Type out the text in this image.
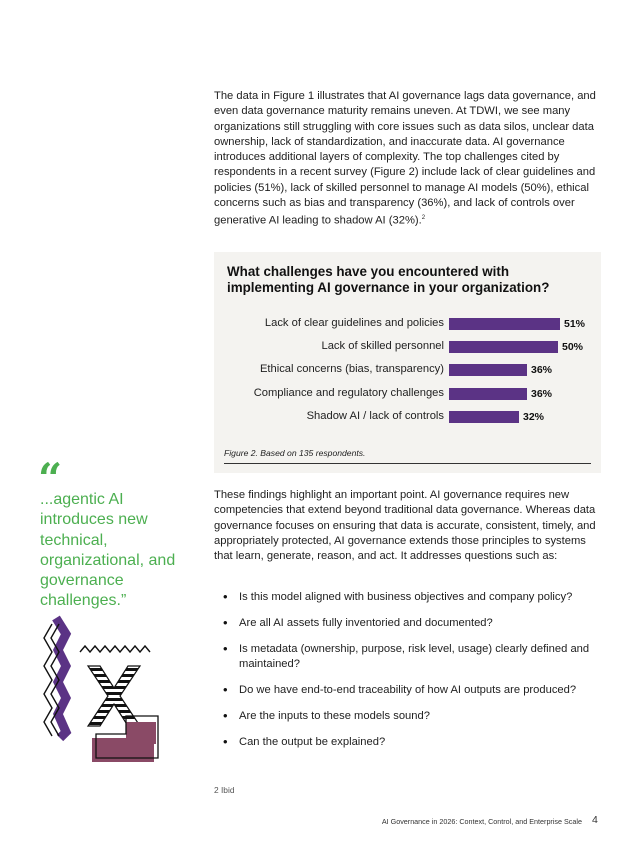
The data in Figure 1 illustrates that AI governance lags data governance, and even data governance maturity remains uneven. At TDWI, we see many organizations still struggling with core issues such as data silos, unclear data ownership, lack of standardization, and inaccurate data. AI governance introduces additional layers of complexity. The top challenges cited by respondents in a recent survey (Figure 2) include lack of clear guidelines and policies (51%), lack of skilled personnel to manage AI models (50%), ethical concerns such as bias and transparency (36%), and lack of controls over generative AI leading to shadow AI (32%).$^2$

What challenges have you encountered with implementing AI governance in your organization?
Lack of clear guidelines and policies	51%
Lack of skilled personnel	50%
Ethical concerns (bias, transparency)	36%
Compliance and regulatory challenges	36%
Shadow AI / lack of controls	32%
Figure 2. Based on 135 respondents.
“
...agentic AI introduces new technical, organizational, and governance challenges.”

These findings highlight an important point. AI governance requires new competencies that extend beyond traditional data governance. Whereas data governance focuses on ensuring that data is accurate, consistent, timely, and appropriately protected, AI governance extends those principles to systems that learn, generate, reason, and act. It addresses questions such as:

• Is this model aligned with business objectives and company policy?
• Are all AI assets fully inventoried and documented?
• Is metadata (ownership, purpose, risk level, usage) clearly defined and maintained?
• Do we have end-to-end traceability of how AI outputs are produced?
• Are the inputs to these models sound?
• Can the output be explained?
2 Ibid
AI Governance in 2026: Context, Control, and Enterprise Scale 4
